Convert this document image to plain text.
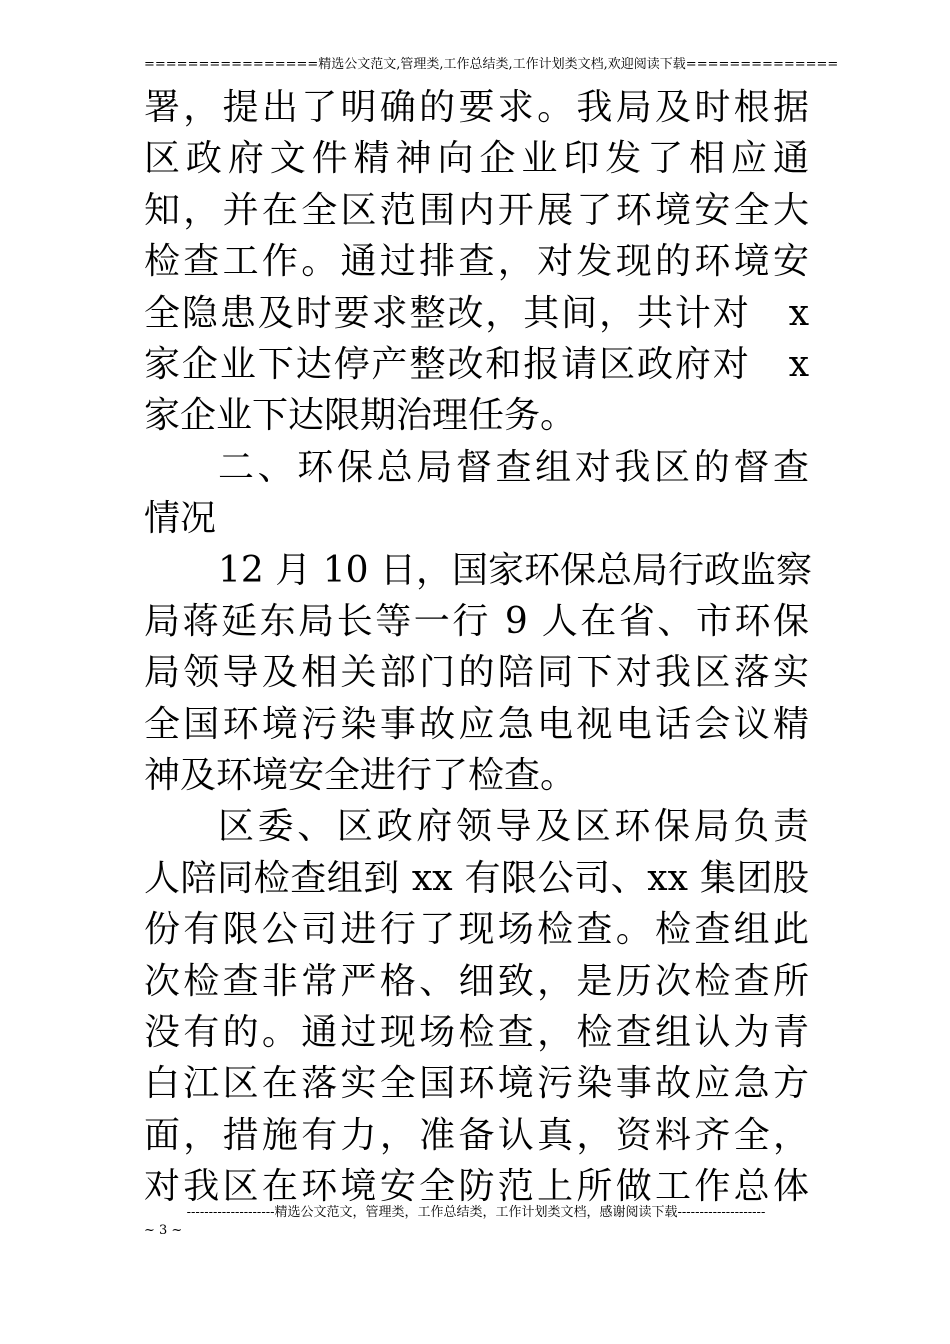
================精选公文范文,管理类,工作总结类,工作计划类文档,欢迎阅读下载==============
署，提出了明确的要求。我局及时根据
区政府文件精神向企业印发了相应通
知，并在全区范围内开展了环境安全大
检查工作。通过排查，对发现的环境安
全隐患及时要求整改，其间，共计对　x
家企业下达停产整改和报请区政府对　x
家企业下达限期治理任务。
二、环保总局督查组对我区的督查
情况
12 月 10 日，国家环保总局行政监察
局蒋延东局长等一行 9 人在省、市环保
局领导及相关部门的陪同下对我区落实
全国环境污染事故应急电视电话会议精
神及环境安全进行了检查。
区委、区政府领导及区环保局负责
人陪同检查组到 xx 有限公司、xx 集团股
份有限公司进行了现场检查。检查组此
次检查非常严格、细致，是历次检查所
没有的。通过现场检查，检查组认为青
白江区在落实全国环境污染事故应急方
面，措施有力，准备认真，资料齐全，
对我区在环境安全防范上所做工作总体
--------------------精选公文范文，管理类，工作总结类，工作计划类文档，感谢阅读下载--------------------
~ 3 ~
